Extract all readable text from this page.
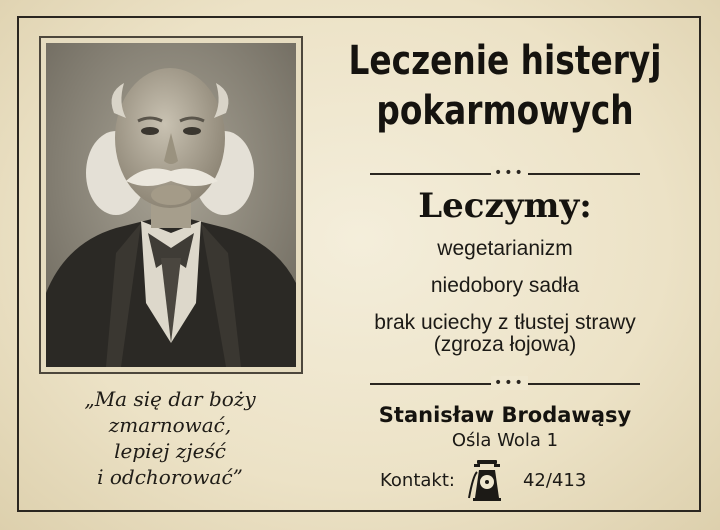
„Ma się dar boży
zmarnować,
lepiej zjeść
i odchorować”
Leczenie histeryj
pokarmowych
•••
Leczymy:
wegetarianizm
niedobory sadła
brak uciechy z tłustej strawy
(zgroza łojowa)
•••
Stanisław Brodawąsy
Ośla Wola 1
Kontakt:	42/413
